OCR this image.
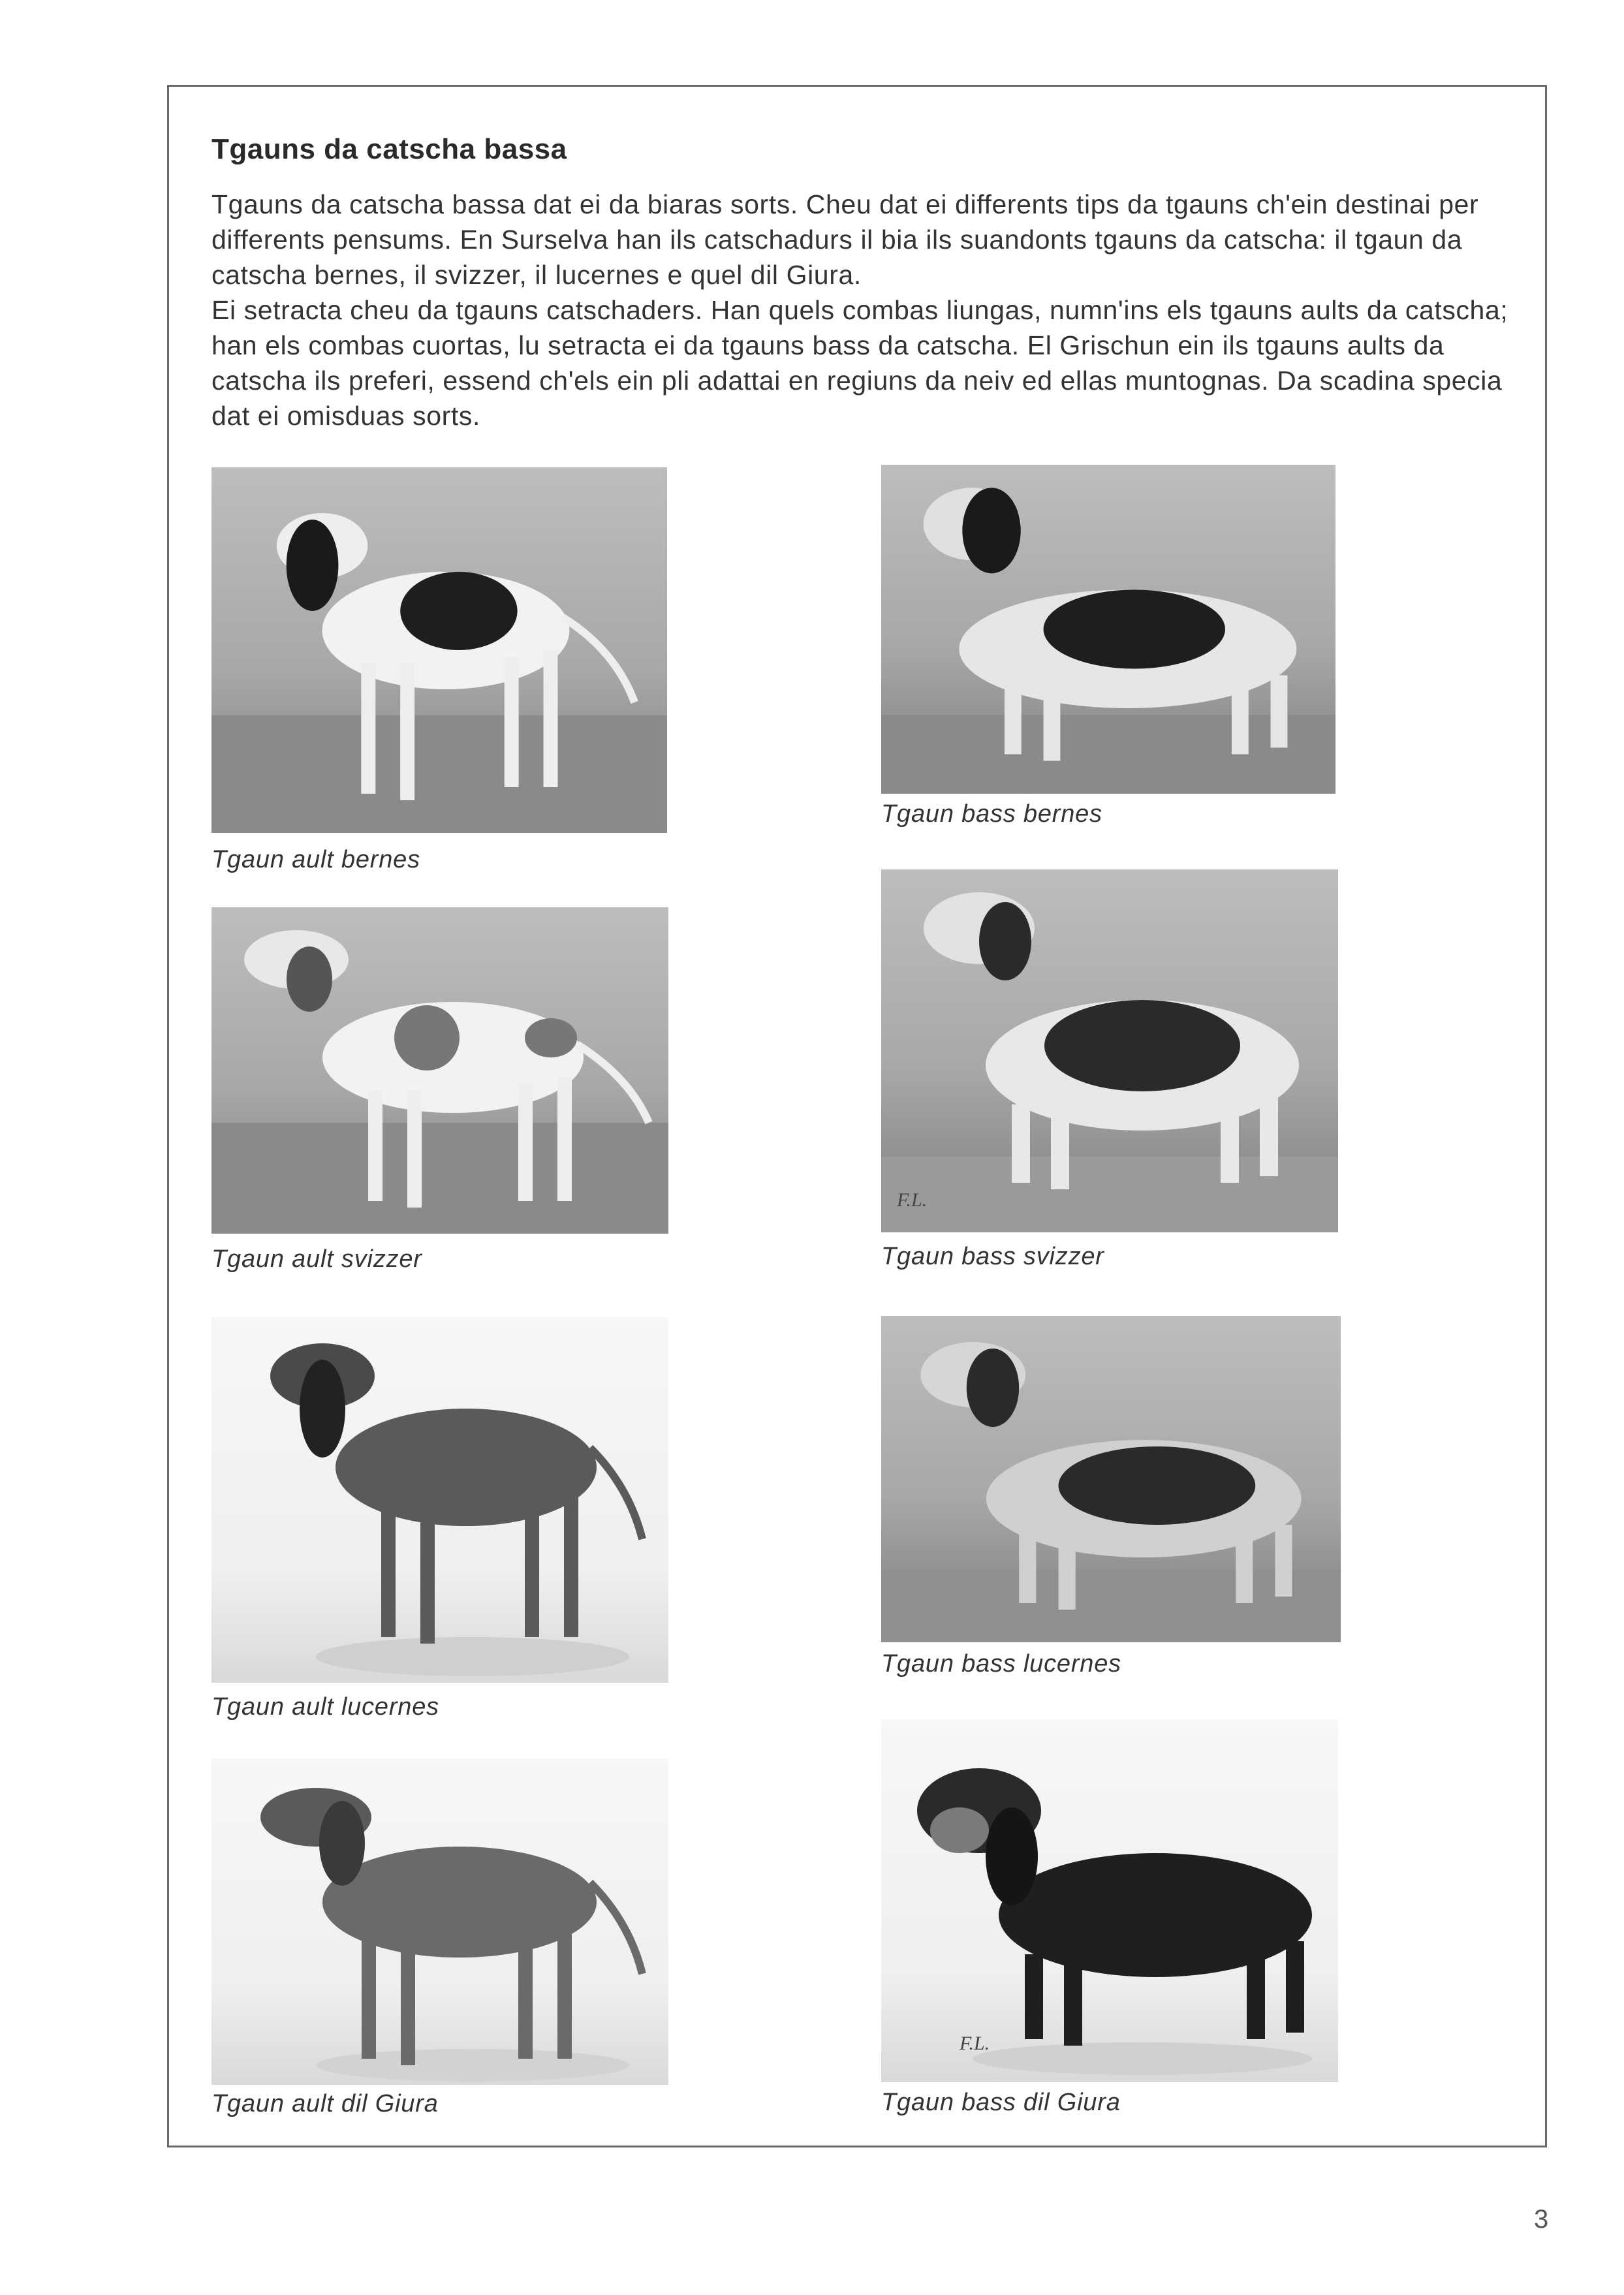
Tgauns da catscha bassa

Tgauns da catscha bassa dat ei da biaras sorts. Cheu dat ei differents tips da tgauns ch'ein destinai per differents pensums. En Surselva han ils catschadurs il bia ils suandonts tgauns da catscha: il tgaun da catscha bernes, il svizzer, il lucernes e quel dil Giura.

Ei setracta cheu da tgauns catschaders. Han quels combas liungas, numn'ins els tgauns aults da catscha; han els combas cuortas, lu setracta ei da tgauns bass da catscha. El Grischun ein ils tgauns aults da catscha ils preferi, essend ch'els ein pli adattai en regiuns da neiv ed ellas muntognas. Da scadina specia dat ei omisduas sorts.

Tgaun ault bernes
Tgaun bass bernes
Tgaun ault svizzer
F.L.
Tgaun bass svizzer
Tgaun ault lucernes
Tgaun bass lucernes
Tgaun ault dil Giura
F.L.
Tgaun bass dil Giura
3
